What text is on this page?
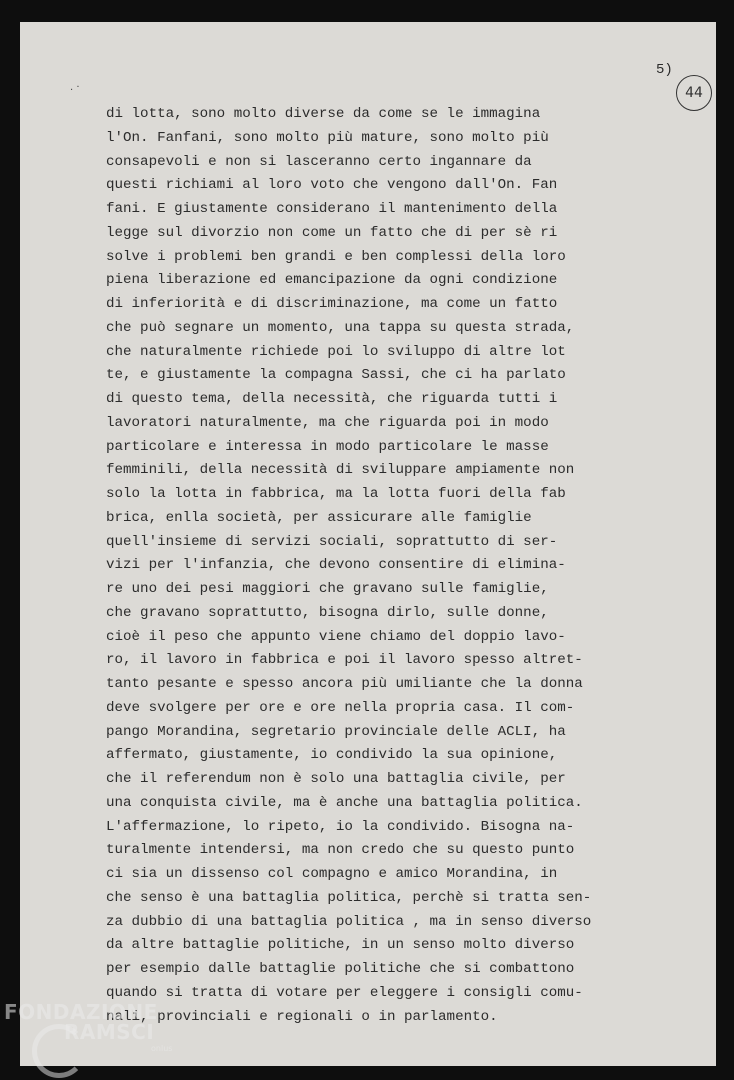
. ·
5)
44
di lotta, sono molto diverse da come se le immagina
l'On. Fanfani, sono molto più mature, sono molto più
consapevoli e non si lasceranno certo ingannare da
questi richiami al loro voto che vengono dall'On. Fan
fani. E giustamente considerano il mantenimento della
legge sul divorzio non come un fatto che di per sè ri
solve i problemi ben grandi e ben complessi della loro
piena liberazione ed emancipazione da ogni condizione
di inferiorità e di discriminazione, ma come un fatto
che può segnare un momento, una tappa su questa strada,
che naturalmente richiede poi lo sviluppo di altre lot
te, e giustamente la compagna Sassi, che ci ha parlato
di questo tema, della necessità, che riguarda tutti i
lavoratori naturalmente, ma che riguarda poi in modo
particolare e interessa in modo particolare le masse
femminili, della necessità di sviluppare ampiamente non
solo la lotta in fabbrica, ma la lotta fuori della fab
brica, enlla società, per assicurare alle famiglie
quell'insieme di servizi sociali, soprattutto di ser-
vizi per l'infanzia, che devono consentire di elimina-
re uno dei pesi maggiori che gravano sulle famiglie,
che gravano soprattutto, bisogna dirlo, sulle donne,
cioè il peso che appunto viene chiamo del doppio lavo-
ro, il lavoro in fabbrica e poi il lavoro spesso altret-
tanto pesante e spesso ancora più umiliante che la donna
deve svolgere per ore e ore nella propria casa. Il com-
pango Morandina, segretario provinciale delle ACLI, ha
affermato, giustamente, io condivido la sua opinione,
che il referendum non è solo una battaglia civile, per
una conquista civile, ma è anche una battaglia politica.
L'affermazione, lo ripeto, io la condivido. Bisogna na-
turalmente intendersi, ma non credo che su questo punto
ci sia un dissenso col compagno e amico Morandina, in
che senso è una battaglia politica, perchè si tratta sen-
za dubbio di una battaglia politica , ma in senso diverso
da altre battaglie politiche, in un senso molto diverso
per esempio dalle battaglie politiche che si combattono
quando si tratta di votare per eleggere i consigli comu-
nali, provinciali e regionali o in parlamento.
FONDAZIONE
RAMSCI
onlus
